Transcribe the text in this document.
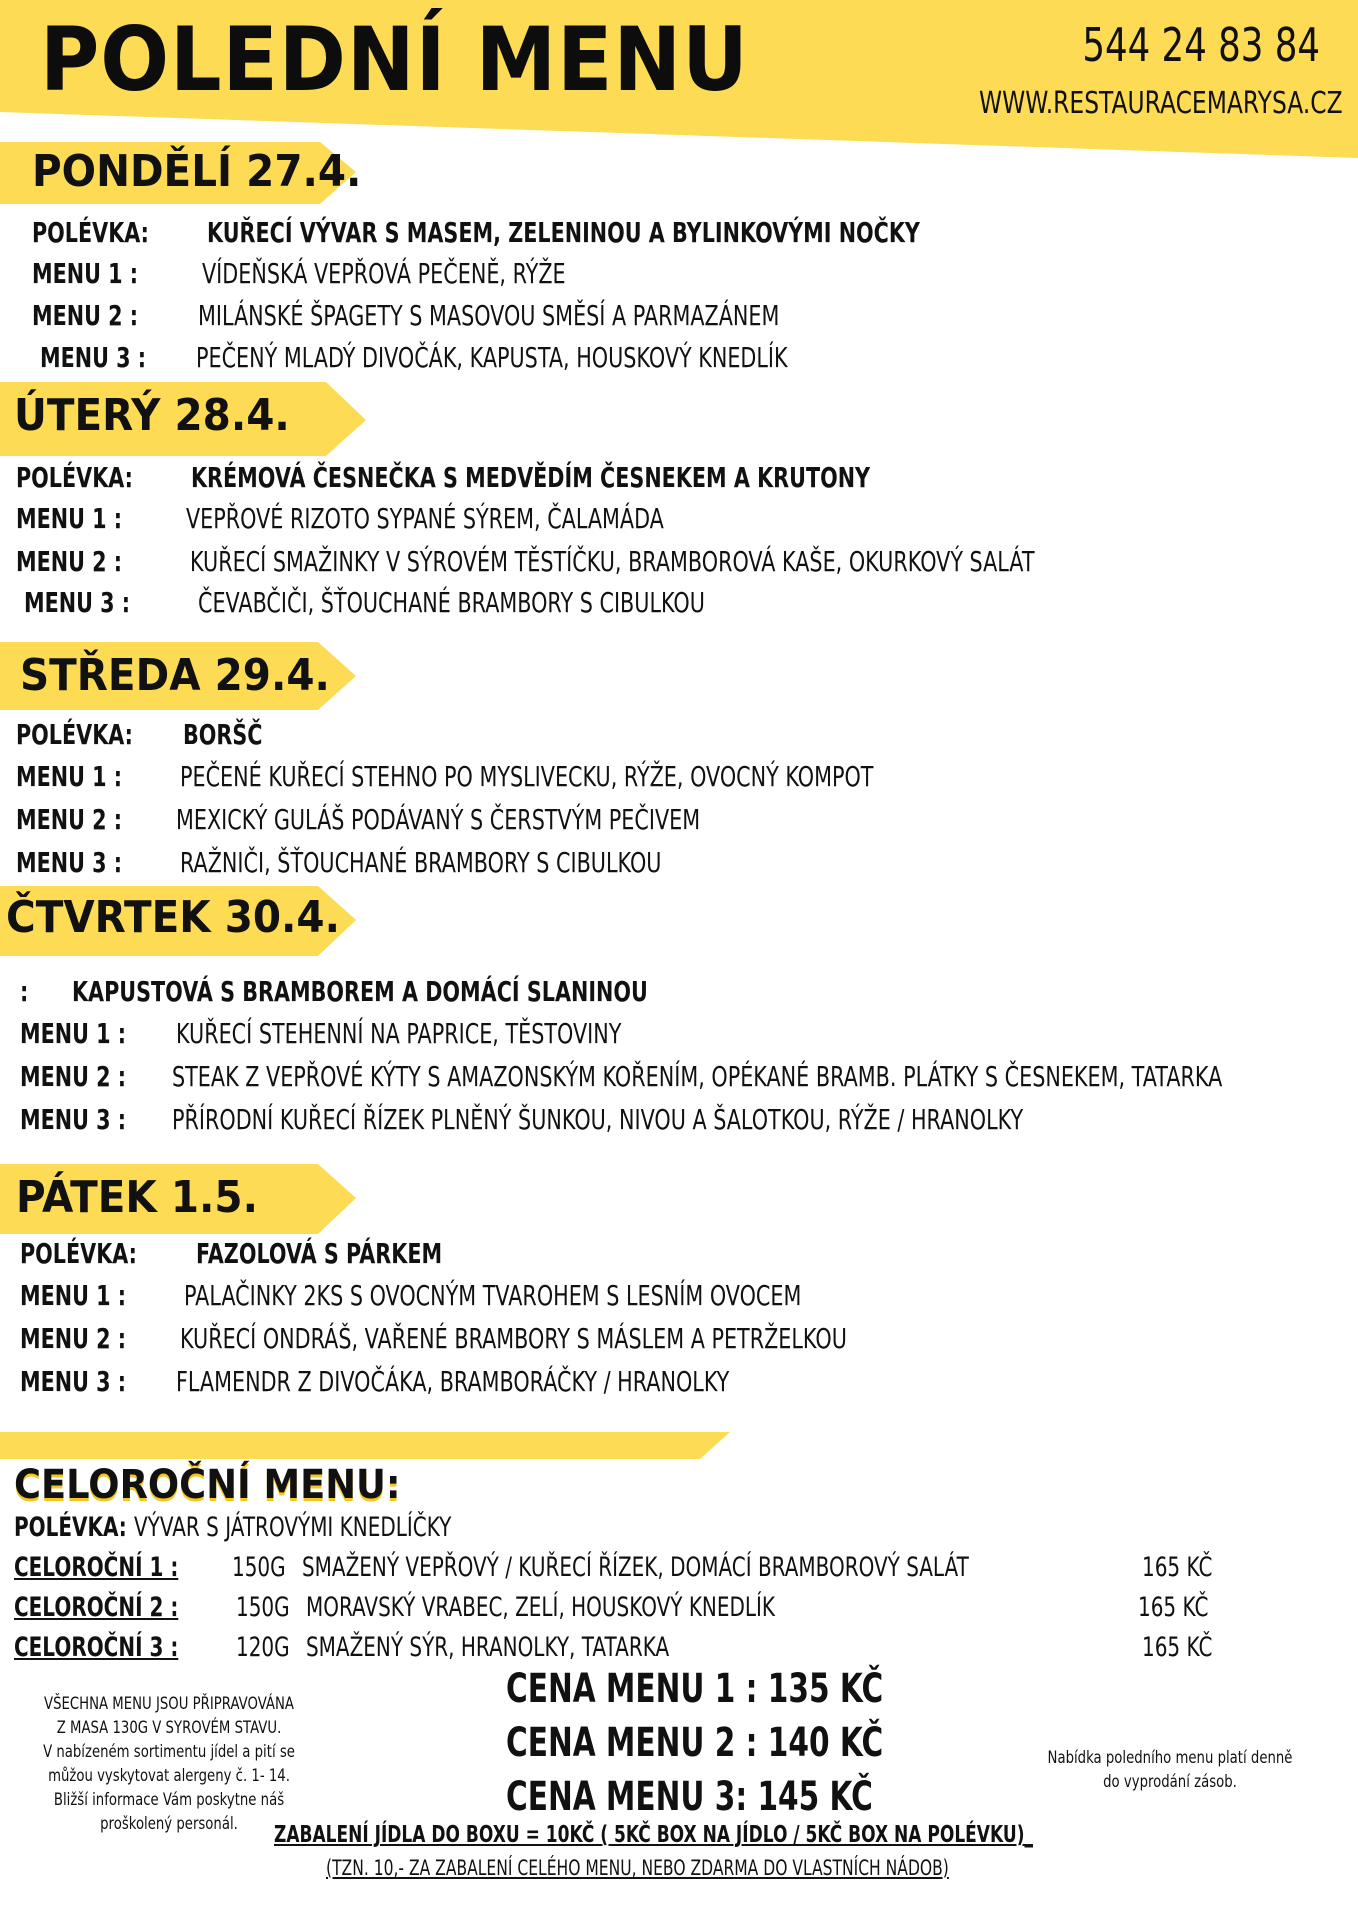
POLEDNÍ MENU	544 24 83 84
WWW.RESTAURACEMARYSA.CZ
PONDĚLÍ 27.4.
POLÉVKA: KUŘECÍ VÝVAR S MASEM, ZELENINOU A BYLINKOVÝMI NOČKY
MENU 1 : VÍDEŇSKÁ VEPŘOVÁ PEČENĚ, RÝŽE
MENU 2 : MILÁNSKÉ ŠPAGETY S MASOVOU SMĚSÍ A PARMAZÁNEM
MENU 3 : PEČENÝ MLADÝ DIVOČÁK, KAPUSTA, HOUSKOVÝ KNEDLÍK
ÚTERÝ 28.4.
POLÉVKA: KRÉMOVÁ ČESNEČKA S MEDVĚDÍM ČESNEKEM A KRUTONY
MENU 1 : VEPŘOVÉ RIZOTO SYPANÉ SÝREM, ČALAMÁDA
MENU 2 : KUŘECÍ SMAŽINKY V SÝROVÉM TĚSTÍČKU, BRAMBOROVÁ KAŠE, OKURKOVÝ SALÁT
MENU 3 : ČEVABČIČI, ŠŤOUCHANÉ BRAMBORY S CIBULKOU
STŘEDA 29.4.
POLÉVKA: BORŠČ
MENU 1 : PEČENÉ KUŘECÍ STEHNO PO MYSLIVECKU, RÝŽE, OVOCNÝ KOMPOT
MENU 2 : MEXICKÝ GULÁŠ PODÁVANÝ S ČERSTVÝM PEČIVEM
MENU 3 : RAŽNIČI, ŠŤOUCHANÉ BRAMBORY S CIBULKOU
ČTVRTEK 30.4.
: KAPUSTOVÁ S BRAMBOREM A DOMÁCÍ SLANINOU
MENU 1 : KUŘECÍ STEHENNÍ NA PAPRICE, TĚSTOVINY
MENU 2 : STEAK Z VEPŘOVÉ KÝTY S AMAZONSKÝM KOŘENÍM, OPÉKANÉ BRAMB. PLÁTKY S ČESNEKEM, TATARKA
MENU 3 : PŘÍRODNÍ KUŘECÍ ŘÍZEK PLNĚNÝ ŠUNKOU, NIVOU A ŠALOTKOU, RÝŽE / HRANOLKY
PÁTEK 1.5.
POLÉVKA: FAZOLOVÁ S PÁRKEM
MENU 1 : PALAČINKY 2KS S OVOCNÝM TVAROHEM S LESNÍM OVOCEM
MENU 2 : KUŘECÍ ONDRÁŠ, VAŘENÉ BRAMBORY S MÁSLEM A PETRŽELKOU
MENU 3 : FLAMENDR Z DIVOČÁKA, BRAMBORÁČKY / HRANOLKY
CELOROČNÍ MENU:
POLÉVKA: VÝVAR S JÁTROVÝMI KNEDLÍČKY
CELOROČNÍ 1 : 150G SMAŽENÝ VEPŘOVÝ / KUŘECÍ ŘÍZEK, DOMÁCÍ BRAMBOROVÝ SALÁT	165 KČ
CELOROČNÍ 2 : 150G MORAVSKÝ VRABEC, ZELÍ, HOUSKOVÝ KNEDLÍK	165 KČ
CELOROČNÍ 3 : 120G SMAŽENÝ SÝR, HRANOLKY, TATARKA	165 KČ
CENA MENU 1 : 135 KČ
CENA MENU 2 : 140 KČ
CENA MENU 3: 145 KČ
VŠECHNA MENU JSOU PŘIPRAVOVÁNA
Z MASA 130G V SYROVÉM STAVU.
V nabízeném sortimentu jídel a pití se
můžou vyskytovat alergeny č. 1- 14.
Bližší informace Vám poskytne náš
proškolený personál.
Nabídka poledního menu platí denně
do vyprodání zásob.
ZABALENÍ JÍDLA DO BOXU = 10KČ ( 5KČ BOX NA JÍDLO / 5KČ BOX NA POLÉVKU)_
(TZN. 10,- ZA ZABALENÍ CELÉHO MENU, NEBO ZDARMA DO VLASTNÍCH NÁDOB)
